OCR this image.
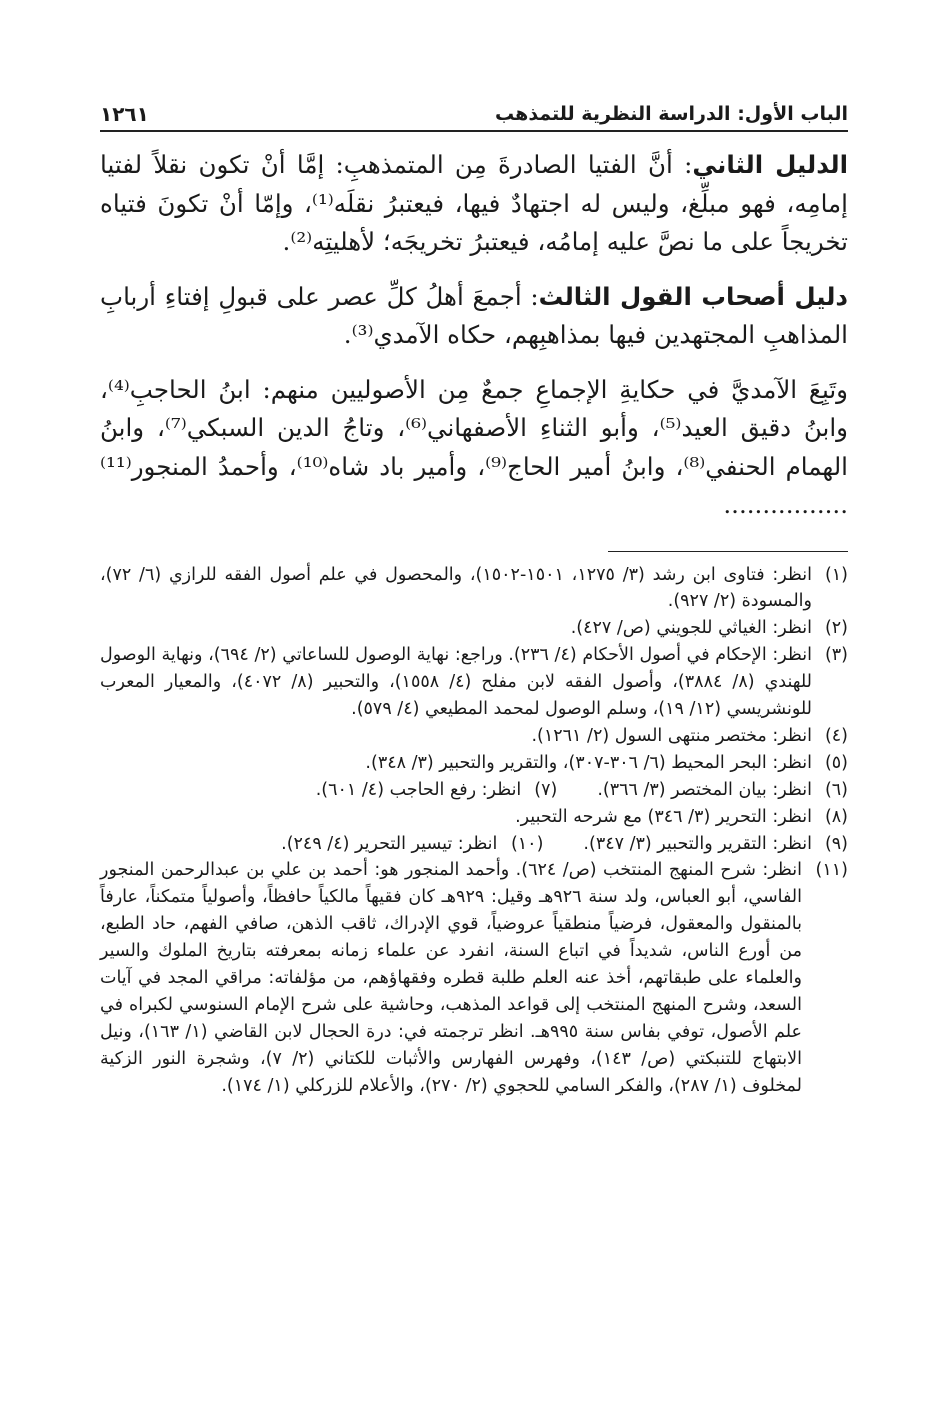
الباب الأول: الدراسة النظرية للتمذهب
١٢٦١

الدليل الثاني: أنَّ الفتيا الصادرةَ مِن المتمذهبِ: إمَّا أنْ تكون نقلاً لفتيا إمامِه، فهو مبلِّغ، وليس له اجتهادٌ فيها، فيعتبرُ نقلَه⁽¹⁾، وإمّا أنْ تكونَ فتياه تخريجاً على ما نصَّ عليه إمامُه، فيعتبرُ تخريجَه؛ لأهليتِه⁽²⁾.

دليل أصحاب القول الثالث: أجمعَ أهلُ كلِّ عصر على قبولِ إفتاءِ أربابِ المذاهبِ المجتهدين فيها بمذاهبِهم، حكاه الآمدي⁽³⁾.

وتَبِعَ الآمديَّ في حكايةِ الإجماعِ جمعٌ مِن الأصوليين منهم: ابنُ الحاجبِ⁽⁴⁾، وابنُ دقيق العيد⁽⁵⁾، وأبو الثناءِ الأصفهاني⁽⁶⁾، وتاجُ الدين السبكي⁽⁷⁾، وابنُ الهمام الحنفي⁽⁸⁾، وابنُ أمير الحاج⁽⁹⁾، وأمير باد شاه⁽¹⁰⁾، وأحمدُ المنجور⁽¹¹⁾ ................

(١)
انظر: فتاوى ابن رشد (٣/ ١٢٧٥، ١٥٠١-١٥٠٢)، والمحصول في علم أصول الفقه للرازي (٦/ ٧٢)، والمسودة (٢/ ٩٢٧).
(٢)
انظر: الغياثي للجويني (ص/ ٤٢٧).
(٣)
انظر: الإحكام في أصول الأحكام (٤/ ٢٣٦). وراجع: نهاية الوصول للساعاتي (٢/ ٦٩٤)، ونهاية الوصول للهندي (٨/ ٣٨٨٤)، وأصول الفقه لابن مفلح (٤/ ١٥٥٨)، والتحبير (٨/ ٤٠٧٢)، والمعيار المعرب للونشريسي (١٢/ ١٩)، وسلم الوصول لمحمد المطيعي (٤/ ٥٧٩).
(٤)
انظر: مختصر منتهى السول (٢/ ١٢٦١).
(٥)
انظر: البحر المحيط (٦/ ٣٠٦-٣٠٧)، والتقرير والتحبير (٣/ ٣٤٨).
(٦)
انظر: بيان المختصر (٣/ ٣٦٦).
(٧)
انظر: رفع الحاجب (٤/ ٦٠١).
(٨)
انظر: التحرير (٣/ ٣٤٦) مع شرحه التحبير.
(٩)
انظر: التقرير والتحبير (٣/ ٣٤٧).
(١٠)
انظر: تيسير التحرير (٤/ ٢٤٩).
(١١)
انظر: شرح المنهج المنتخب (ص/ ٦٢٤). وأحمد المنجور هو: أحمد بن علي بن عبدالرحمن المنجور الفاسي، أبو العباس، ولد سنة ٩٢٦هـ وقيل: ٩٢٩هـ كان فقيهاً مالكياً حافظاً، وأصولياً متمكناً، عارفاً بالمنقول والمعقول، فرضياً منطقياً عروضياً، قوي الإدراك، ثاقب الذهن، صافي الفهم، حاد الطبع، من أورع الناس، شديداً في اتباع السنة، انفرد عن علماء زمانه بمعرفته بتاريخ الملوك والسير والعلماء على طبقاتهم، أخذ عنه العلم طلبة قطره وفقهاؤهم، من مؤلفاته: مراقي المجد في آيات السعد، وشرح المنهج المنتخب إلى قواعد المذهب، وحاشية على شرح الإمام السنوسي لكبراه في علم الأصول، توفي بفاس سنة ٩٩٥هـ. انظر ترجمته في: درة الحجال لابن القاضي (١/ ١٦٣)، ونيل الابتهاج للتنبكتي (ص/ ١٤٣)، وفهرس الفهارس والأثبات للكتاني (٢/ ٧)، وشجرة النور الزكية لمخلوف (١/ ٢٨٧)، والفكر السامي للحجوي (٢/ ٢٧٠)، والأعلام للزركلي (١/ ١٧٤).
